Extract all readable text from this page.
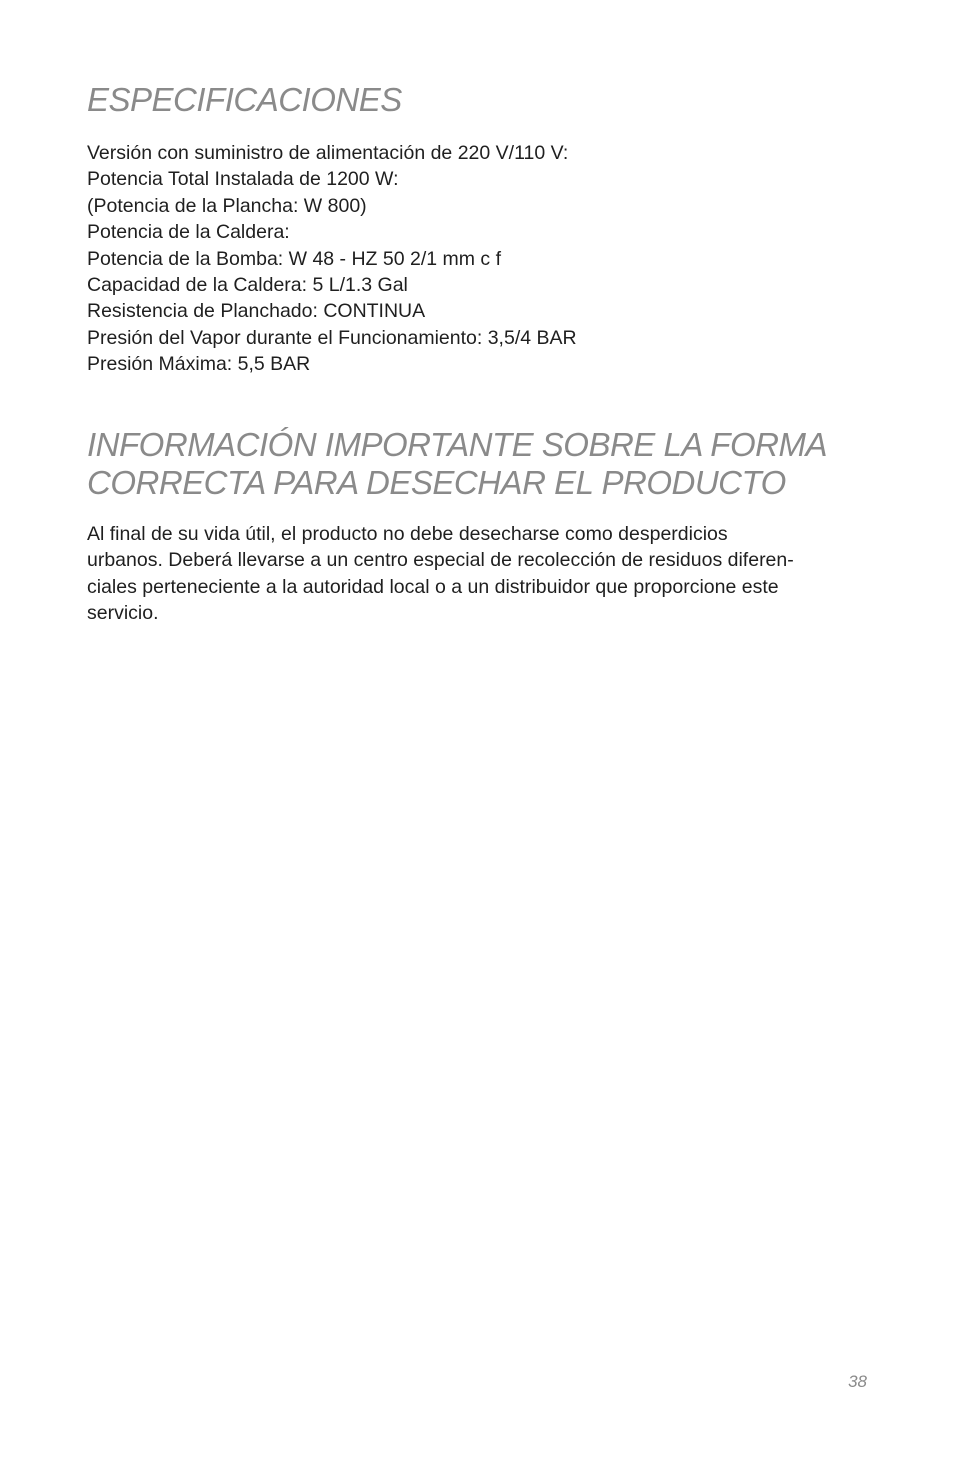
ESPECIFICACIONES
Versión con suministro de alimentación de 220 V/110 V:
Potencia Total Instalada de 1200 W:
(Potencia de la Plancha: W 800)
Potencia de la Caldera:
Potencia de la Bomba: W 48 - HZ 50 2/1 mm c f
Capacidad de la Caldera: 5 L/1.3 Gal
Resistencia de Planchado: CONTINUA
Presión del Vapor durante el Funcionamiento: 3,5/4 BAR
Presión Máxima: 5,5 BAR
INFORMACIÓN IMPORTANTE SOBRE LA FORMA
CORRECTA PARA DESECHAR EL PRODUCTO

Al final de su vida útil, el producto no debe desecharse como desperdicios
urbanos. Deberá llevarse a un centro especial de recolección de residuos diferen-
ciales perteneciente a la autoridad local o a un distribuidor que proporcione este
servicio.

38
